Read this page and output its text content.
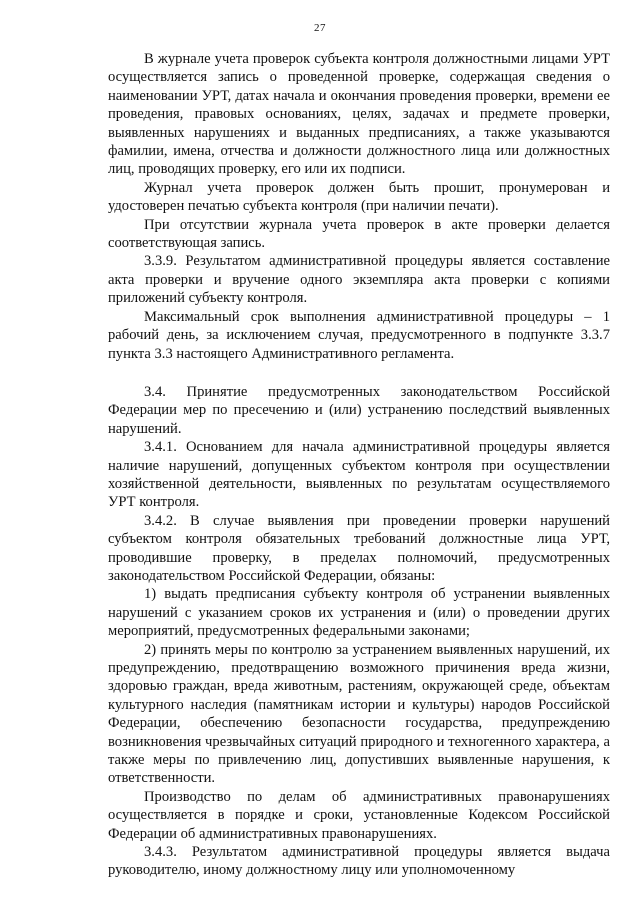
27

В журнале учета проверок субъекта контроля должностными лицами УРТ осуществляется запись о проведенной проверке, содержащая сведения о наименовании УРТ, датах начала и окончания проведения проверки, времени ее проведения, правовых основаниях, целях, задачах и предмете проверки, выявленных нарушениях и выданных предписаниях, а также указываются фамилии, имена, отчества и должности должностного лица или должностных лиц, проводящих проверку, его или их подписи.

Журнал учета проверок должен быть прошит, пронумерован и удостоверен печатью субъекта контроля (при наличии печати).

При отсутствии журнала учета проверок в акте проверки делается соответствующая запись.

3.3.9. Результатом административной процедуры является составление акта проверки и вручение одного экземпляра акта проверки с копиями приложений субъекту контроля.

Максимальный срок выполнения административной процедуры – 1 рабочий день, за исключением случая, предусмотренного в подпункте 3.3.7 пункта 3.3 настоящего Административного регламента.

3.4. Принятие предусмотренных законодательством Российской Федерации мер по пресечению и (или) устранению последствий выявленных нарушений.

3.4.1. Основанием для начала административной процедуры является наличие нарушений, допущенных субъектом контроля при осуществлении хозяйственной деятельности, выявленных по результатам осуществляемого УРТ контроля.

3.4.2. В случае выявления при проведении проверки нарушений субъектом контроля обязательных требований должностные лица УРТ, проводившие проверку, в пределах полномочий, предусмотренных законодательством Российской Федерации, обязаны:

1) выдать предписания субъекту контроля об устранении выявленных нарушений с указанием сроков их устранения и (или) о проведении других мероприятий, предусмотренных федеральными законами;

2) принять меры по контролю за устранением выявленных нарушений, их предупреждению, предотвращению возможного причинения вреда жизни, здоровью граждан, вреда животным, растениям, окружающей среде, объектам культурного наследия (памятникам истории и культуры) народов Российской Федерации, обеспечению безопасности государства, предупреждению возникновения чрезвычайных ситуаций природного и техногенного характера, а также меры по привлечению лиц, допустивших выявленные нарушения, к ответственности.

Производство по делам об административных правонарушениях осуществляется в порядке и сроки, установленные Кодексом Российской Федерации об административных правонарушениях.

3.4.3. Результатом административной процедуры является выдача руководителю, иному должностному лицу или уполномоченному
